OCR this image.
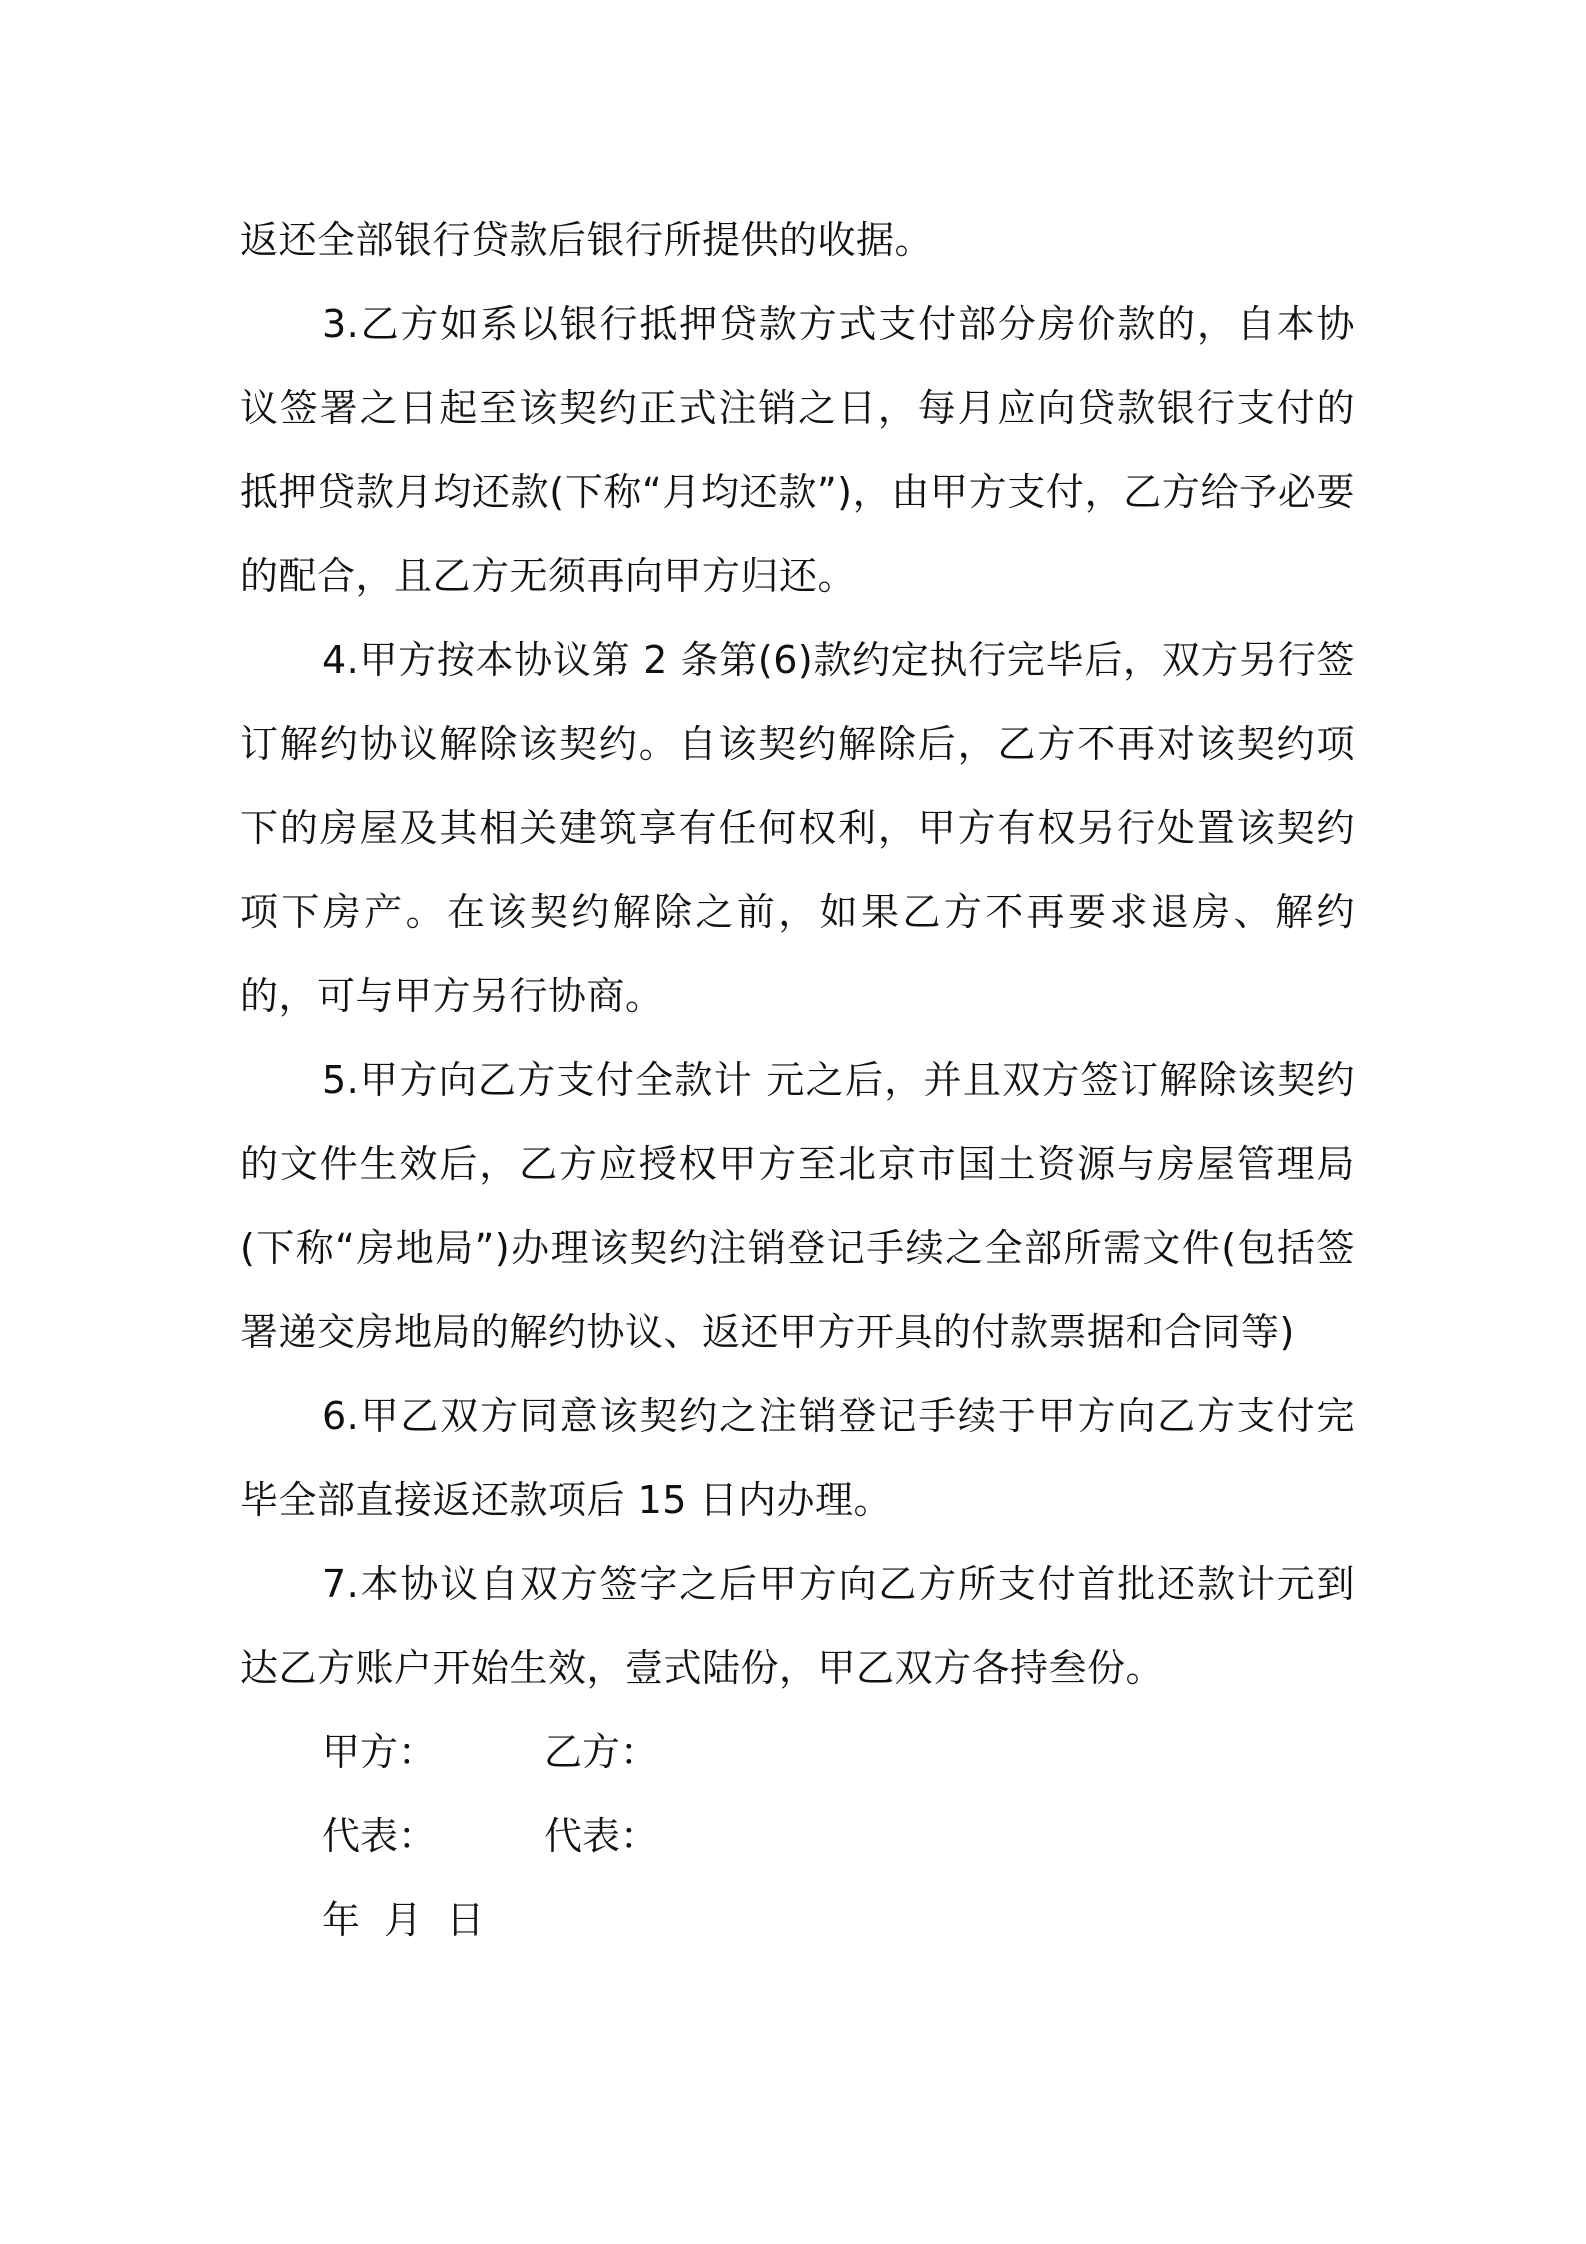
返还全部银行贷款后银行所提供的收据。

3.乙方如系以银行抵押贷款方式支付部分房价款的，自本协议签署之日起至该契约正式注销之日，每月应向贷款银行支付的抵押贷款月均还款(下称“月均还款”)，由甲方支付，乙方给予必要的配合，且乙方无须再向甲方归还。

4.甲方按本协议第 2 条第(6)款约定执行完毕后，双方另行签订解约协议解除该契约。自该契约解除后，乙方不再对该契约项下的房屋及其相关建筑享有任何权利，甲方有权另行处置该契约项下房产。在该契约解除之前，如果乙方不再要求退房、解约的，可与甲方另行协商。

5.甲方向乙方支付全款计 元之后，并且双方签订解除该契约的文件生效后，乙方应授权甲方至北京市国土资源与房屋管理局(下称“房地局”)办理该契约注销登记手续之全部所需文件(包括签署递交房地局的解约协议、返还甲方开具的付款票据和合同等)

6.甲乙双方同意该契约之注销登记手续于甲方向乙方支付完毕全部直接返还款项后 15 日内办理。

7.本协议自双方签字之后甲方向乙方所支付首批还款计元到达乙方账户开始生效，壹式陆份，甲乙双方各持叁份。

甲方：	乙方：
代表：	代表：
年  月  日
